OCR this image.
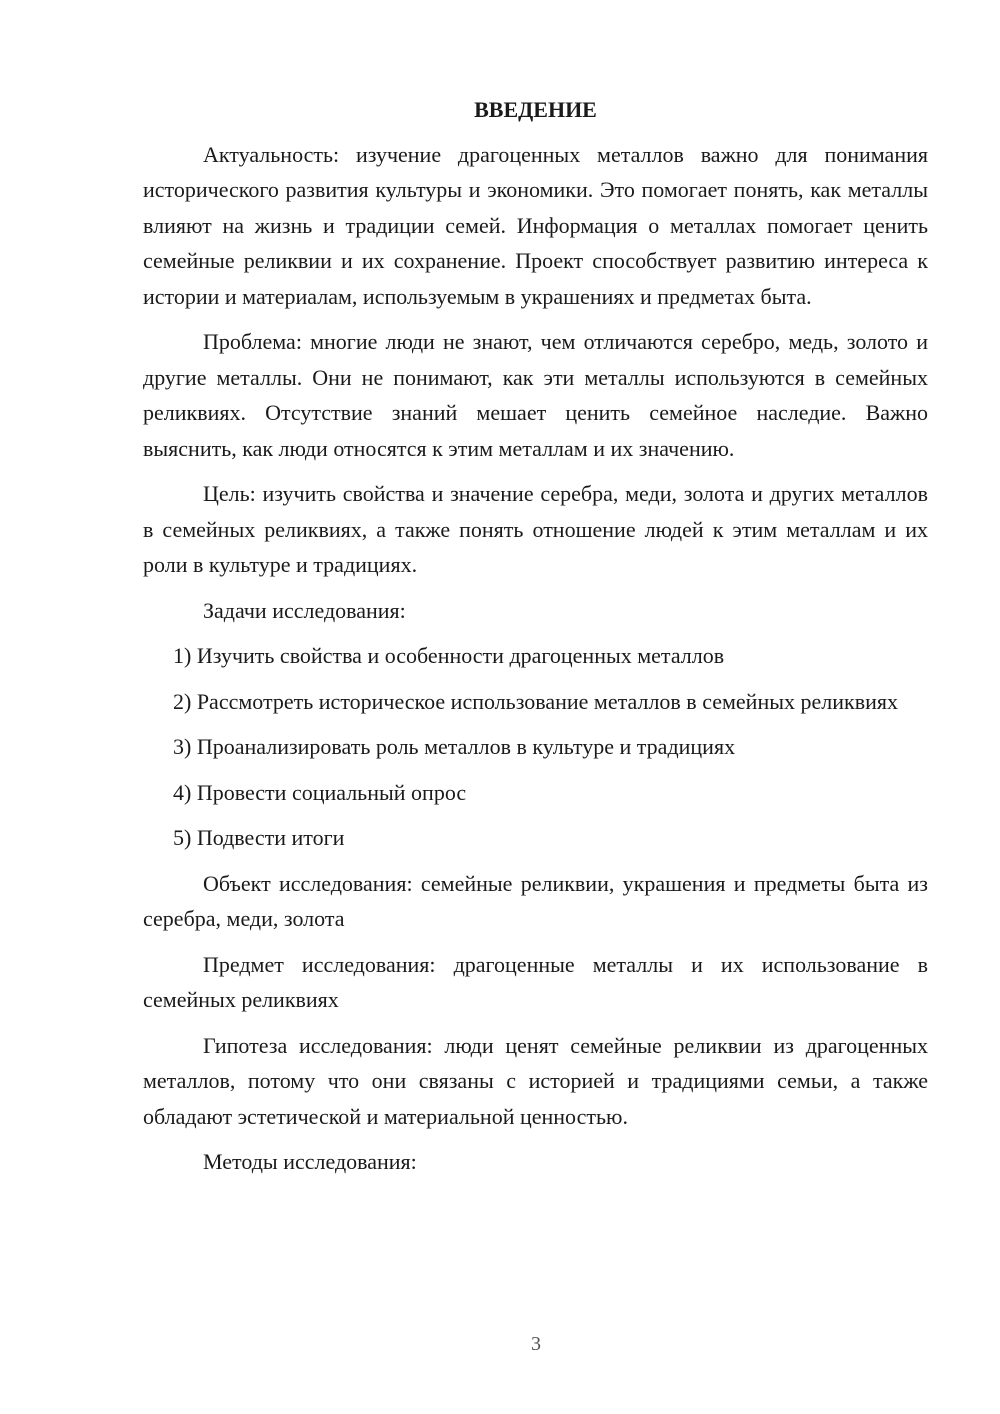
ВВЕДЕНИЕ

Актуальность: изучение драгоценных металлов важно для понимания исторического развития культуры и экономики. Это помогает понять, как металлы влияют на жизнь и традиции семей. Информация о металлах помогает ценить семейные реликвии и их сохранение. Проект способствует развитию интереса к истории и материалам, используемым в украшениях и предметах быта.

Проблема: многие люди не знают, чем отличаются серебро, медь, золото и другие металлы. Они не понимают, как эти металлы используются в семейных реликвиях. Отсутствие знаний мешает ценить семейное наследие. Важно выяснить, как люди относятся к этим металлам и их значению.

Цель: изучить свойства и значение серебра, меди, золота и других металлов в семейных реликвиях, а также понять отношение людей к этим металлам и их роли в культуре и традициях.

Задачи исследования:

1) Изучить свойства и особенности драгоценных металлов

2) Рассмотреть историческое использование металлов в семейных реликвиях

3) Проанализировать роль металлов в культуре и традициях

4) Провести социальный опрос

5) Подвести итоги

Объект исследования: семейные реликвии, украшения и предметы быта из серебра, меди, золота

Предмет исследования: драгоценные металлы и их использование в семейных реликвиях

Гипотеза исследования: люди ценят семейные реликвии из драгоценных металлов, потому что они связаны с историей и традициями семьи, а также обладают эстетической и материальной ценностью.

Методы исследования:

3
